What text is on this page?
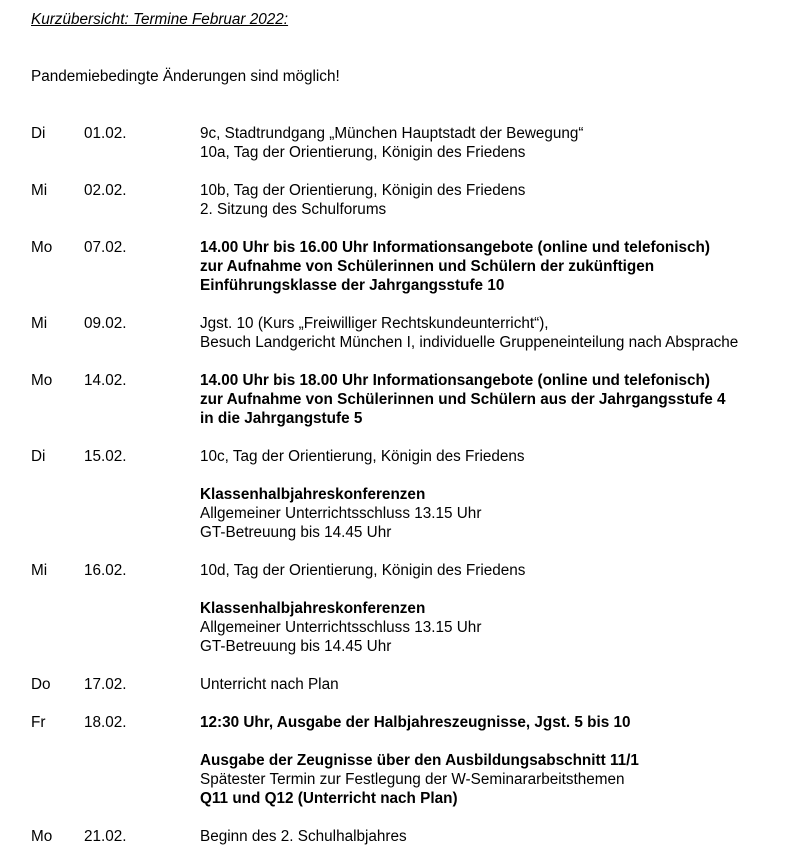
Kurzübersicht: Termine Februar 2022:
Pandemiebedingte Änderungen sind möglich!
Di	01.02.	9c, Stadtrundgang „München Hauptstadt der Bewegung“
10a, Tag der Orientierung, Königin des Friedens
Mi 02.02.	10b, Tag der Orientierung, Königin des Friedens
2. Sitzung des Schulforums
Mo 07.02.	14.00 Uhr bis 16.00 Uhr Informationsangebote (online und telefonisch)
zur Aufnahme von Schülerinnen und Schülern der zukünftigen
Einführungsklasse der Jahrgangsstufe 10
Mi 09.02.	Jgst. 10 (Kurs „Freiwilliger Rechtskundeunterricht“),
Besuch Landgericht München I, individuelle Gruppeneinteilung nach Absprache
Mo 14.02.	14.00 Uhr bis 18.00 Uhr Informationsangebote (online und telefonisch)
zur Aufnahme von Schülerinnen und Schülern aus der Jahrgangsstufe 4
in die Jahrgangstufe 5
Di	15.02.	10c, Tag der Orientierung, Königin des Friedens
Klassenhalbjahreskonferenzen
Allgemeiner Unterrichtsschluss 13.15 Uhr
GT-Betreuung bis 14.45 Uhr
Mi 16.02.	10d, Tag der Orientierung, Königin des Friedens
Klassenhalbjahreskonferenzen
Allgemeiner Unterrichtsschluss 13.15 Uhr
GT-Betreuung bis 14.45 Uhr
Do 17.02.	Unterricht nach Plan
Fr	18.02.	12:30 Uhr, Ausgabe der Halbjahreszeugnisse, Jgst. 5 bis 10
Ausgabe der Zeugnisse über den Ausbildungsabschnitt 11/1
Spätester Termin zur Festlegung der W-Seminararbeitsthemen
Q11 und Q12 (Unterricht nach Plan)
Mo 21.02.	Beginn des 2. Schulhalbjahres
